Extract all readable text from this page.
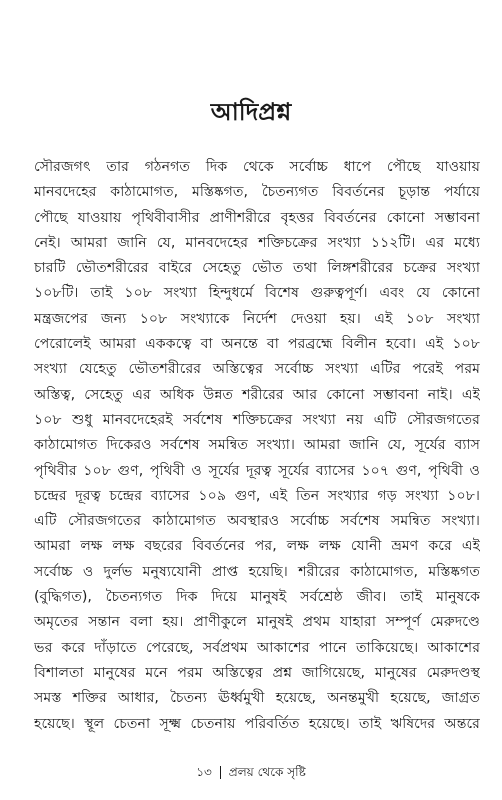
আদিপ্রশ্ন
সৌরজগৎ তার গঠনগত দিক থেকে সর্বোচ্চ ধাপে পৌছে যাওয়ায়
মানবদেহের কাঠামোগত, মস্তিষ্কগত, চৈতন্যগত বিবর্তনের চূড়ান্ত পর্যায়ে
পৌছে যাওয়ায় পৃথিবীবাসীর প্রাণীশরীরে বৃহত্তর বিবর্তনের কোনো সম্ভাবনা
নেই। আমরা জানি যে, মানবদেহের শক্তিচক্রের সংখ্যা ১১২টি। এর মধ্যে
চারটি ভৌতশরীরের বাইরে সেহেতু ভৌত তথা লিঙ্গশরীরের চক্রের সংখ্যা
১০৮টি। তাই ১০৮ সংখ্যা হিন্দুধর্মে বিশেষ গুরুত্বপূর্ণ। এবং যে কোনো
মন্ত্রজপের জন্য ১০৮ সংখ্যাকে নির্দেশ দেওয়া হয়। এই ১০৮ সংখ্যা
পেরোলেই আমরা এককত্বে বা অনন্তে বা পরব্রহ্মে বিলীন হবো। এই ১০৮
সংখ্যা যেহেতু ভৌতশরীরের অস্তিত্বের সর্বোচ্চ সংখ্যা এটির পরেই পরম
অস্তিত্ব, সেহেতু এর অধিক উন্নত শরীরের আর কোনো সম্ভাবনা নাই। এই
১০৮ শুধু মানবদেহেরই সর্বশেষ শক্তিচক্রের সংখ্যা নয় এটি সৌরজগতের
কাঠামোগত দিকেরও সর্বশেষ সমন্বিত সংখ্যা। আমরা জানি যে, সূর্যের ব্যাস
পৃথিবীর ১০৮ গুণ, পৃথিবী ও সূর্যের দূরত্ব সূর্যের ব্যাসের ১০৭ গুণ, পৃথিবী ও
চন্দ্রের দূরত্ব চন্দ্রের ব্যাসের ১০৯ গুণ, এই তিন সংখ্যার গড় সংখ্যা ১০৮।
এটি সৌরজগতের কাঠামোগত অবস্থারও সর্বোচ্চ সর্বশেষ সমন্বিত সংখ্যা।
আমরা লক্ষ লক্ষ বছরের বিবর্তনের পর, লক্ষ লক্ষ যোনী ভ্রমণ করে এই
সর্বোচ্চ ও দুর্লভ মনুষ্যযোনী প্রাপ্ত হয়েছি। শরীরের কাঠামোগত, মস্তিষ্কগত
(বুদ্ধিগত), চৈতন্যগত দিক দিয়ে মানুষই সর্বশ্রেষ্ঠ জীব। তাই মানুষকে
অমৃতের সন্তান বলা হয়। প্রাণীকুলে মানুষই প্রথম যাহারা সম্পূর্ণ মেরুদণ্ডে
ভর করে দাঁড়াতে পেরেছে, সর্বপ্রথম আকাশের পানে তাকিয়েছে। আকাশের
বিশালতা মানুষের মনে পরম অস্তিত্বের প্রশ্ন জাগিয়েছে, মানুষের মেরুদণ্ডস্থ
সমস্ত শক্তির আধার, চৈতন্য ঊর্ধ্বমুখী হয়েছে, অনন্তমুখী হয়েছে, জাগ্রত
হয়েছে। স্থূল চেতনা সূক্ষ্ম চেতনায় পরিবর্তিত হয়েছে। তাই ঋষিদের অন্তরে
১৩ প্রলয় থেকে সৃষ্টি
